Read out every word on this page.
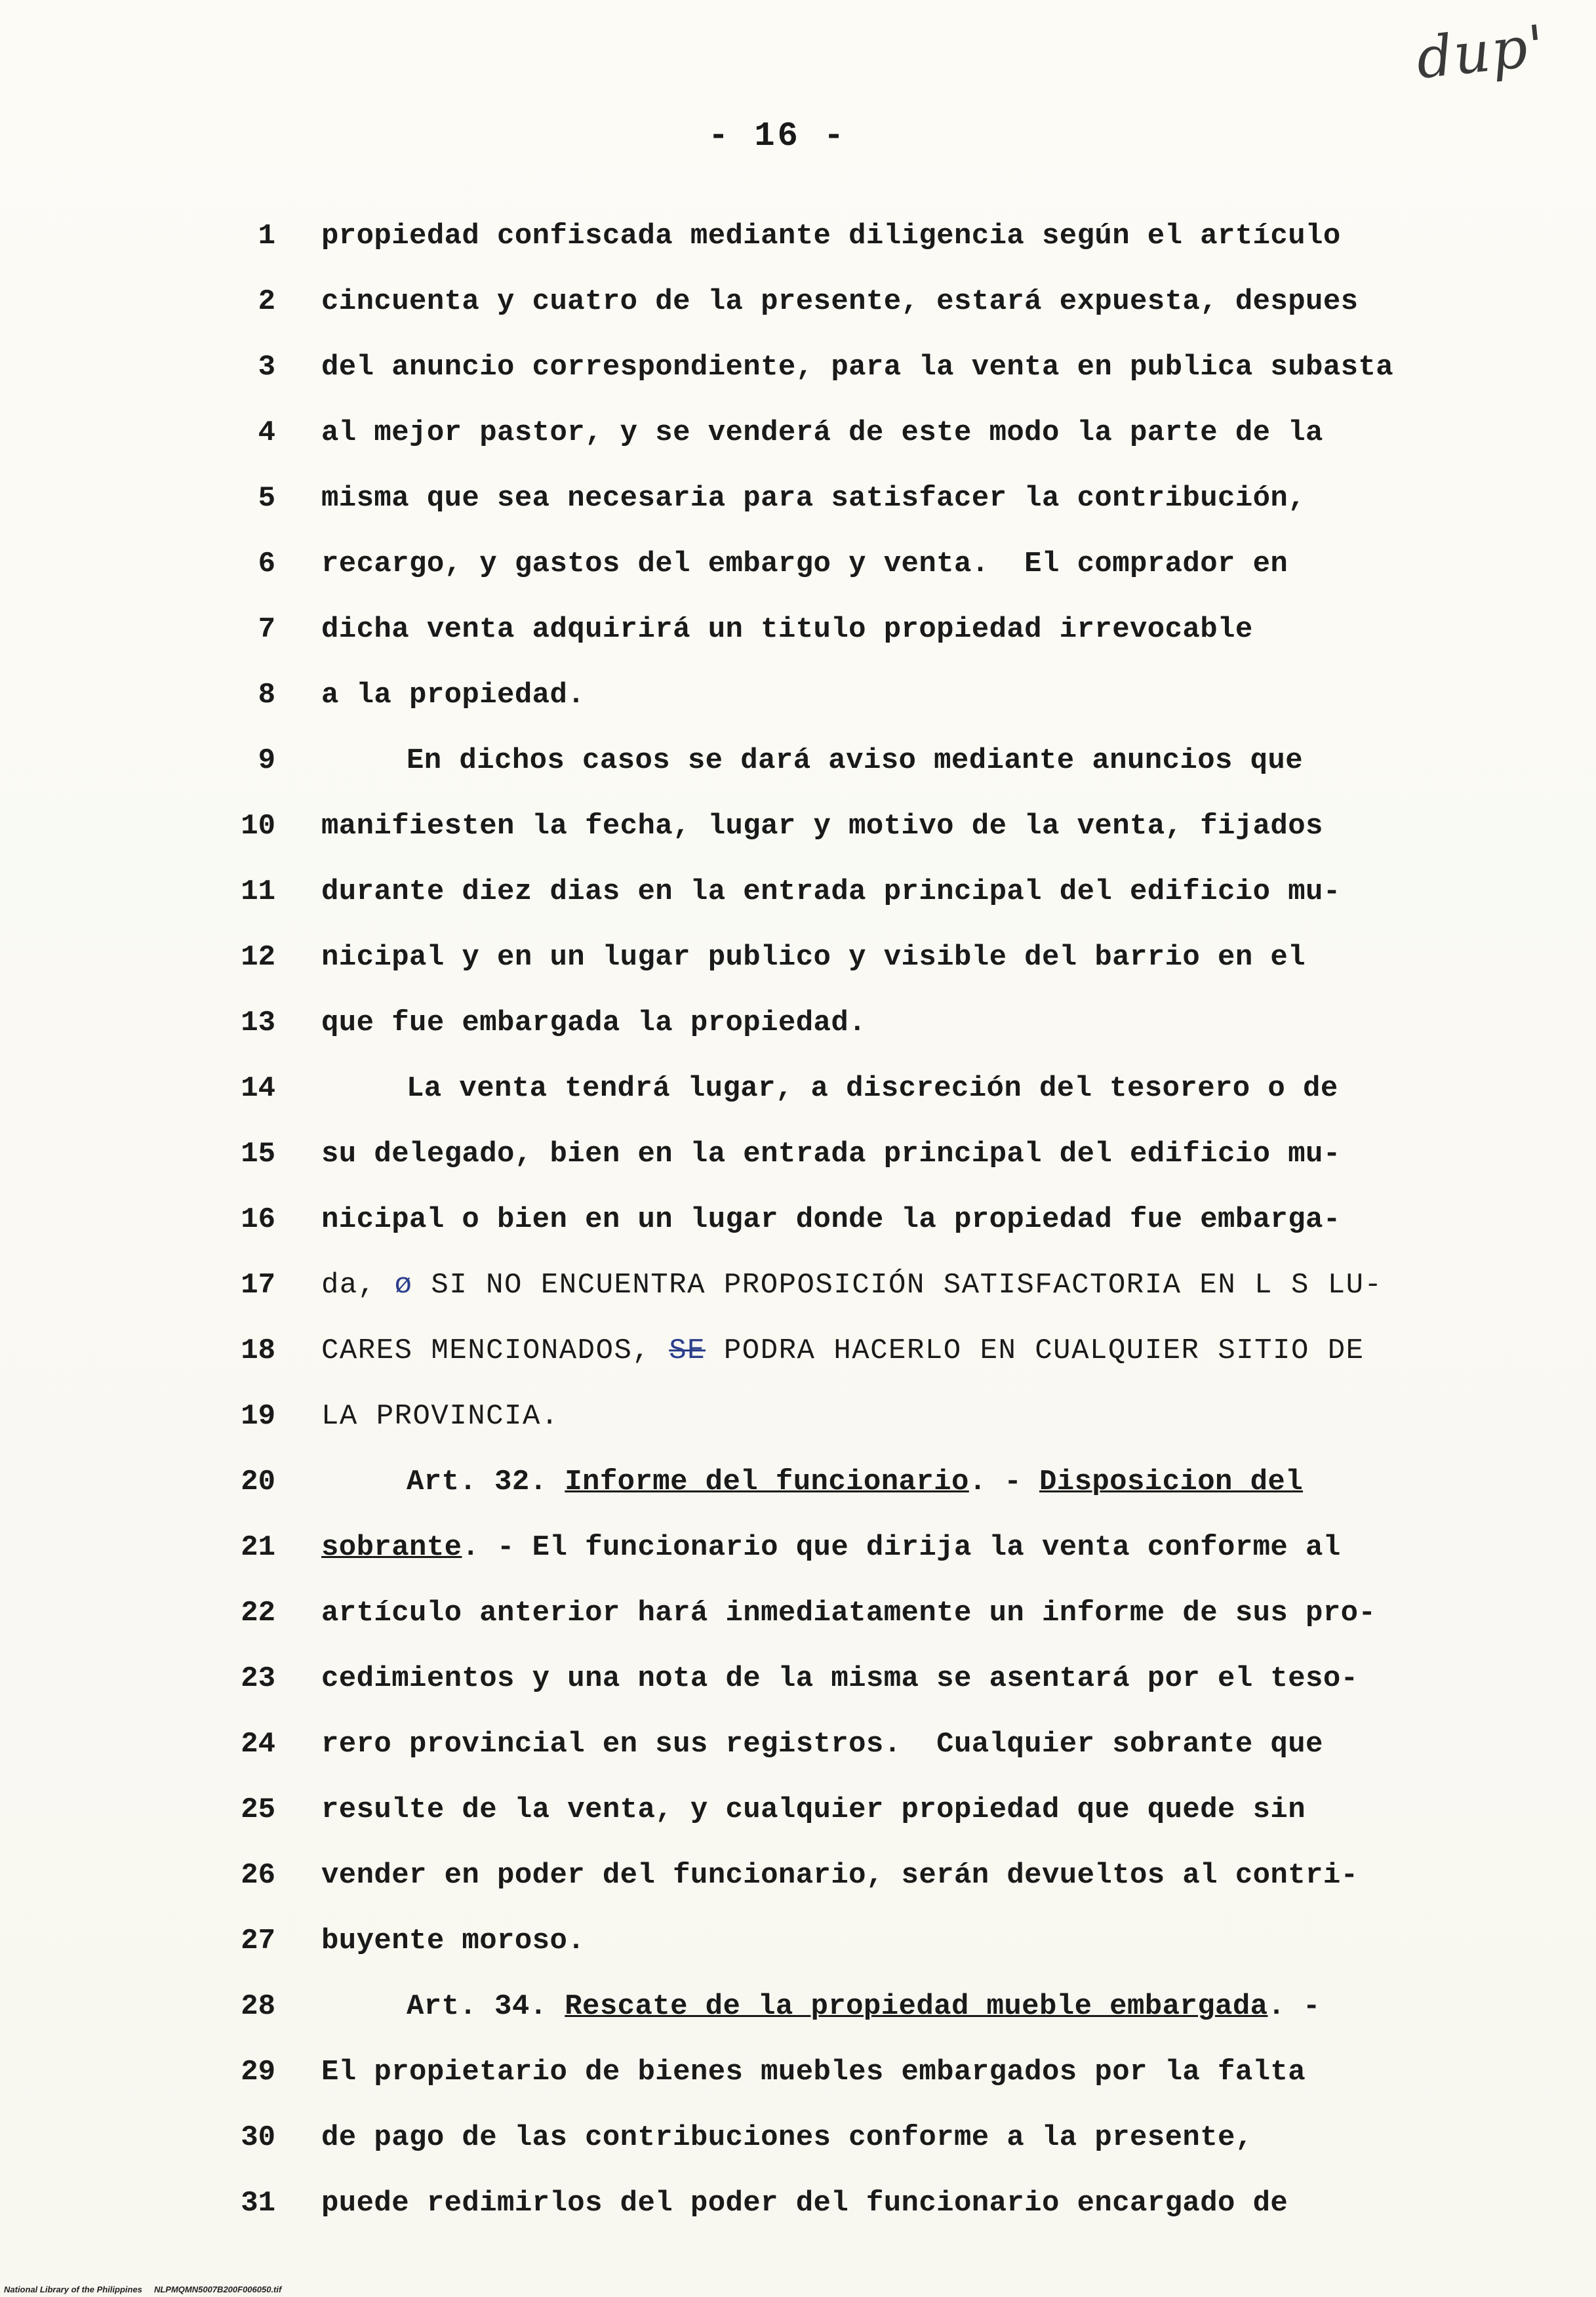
dup'
- 16 -
1 propiedad confiscada mediante diligencia según el artículo
2 cincuenta y cuatro de la presente, estará expuesta, despues
3 del anuncio correspondiente, para la venta en publica subasta
4 al mejor pastor, y se venderá de este modo la parte de la
5 misma que sea necesaria para satisfacer la contribución,
6 recargo, y gastos del embargo y venta.  El comprador en
7 dicha venta adquirirá un titulo propiedad irrevocable
8 a la propiedad.
9	En dichos casos se dará aviso mediante anuncios que
10 manifiesten la fecha, lugar y motivo de la venta, fijados
11 durante diez dias en la entrada principal del edificio mu-
12 nicipal y en un lugar publico y visible del barrio en el
13 que fue embargada la propiedad.
14	La venta tendrá lugar, a discreción del tesorero o de
15 su delegado, bien en la entrada principal del edificio mu-
16 nicipal o bien en un lugar donde la propiedad fue embarga-
17 da, ø SI NO ENCUENTRA PROPOSICIÓN SATISFACTORIA EN L S LU-
18 CARES MENCIONADOS, SE PODRA HACERLO EN CUALQUIER SITIO DE
19 LA PROVINCIA.
20	Art. 32. Informe del funcionario. - Disposicion del
21 sobrante. - El funcionario que dirija la venta conforme al
22 artículo anterior hará inmediatamente un informe de sus pro-
23 cedimientos y una nota de la misma se asentará por el teso-
24 rero provincial en sus registros.  Cualquier sobrante que
25 resulte de la venta, y cualquier propiedad que quede sin
26 vender en poder del funcionario, serán devueltos al contri-
27 buyente moroso.
28	Art. 34. Rescate de la propiedad mueble embargada. -
29 El propietario de bienes muebles embargados por la falta
30 de pago de las contribuciones conforme a la presente,
31 puede redimirlos del poder del funcionario encargado de
National Library of the Philippines     NLPMQMN5007B200F006050.tif
